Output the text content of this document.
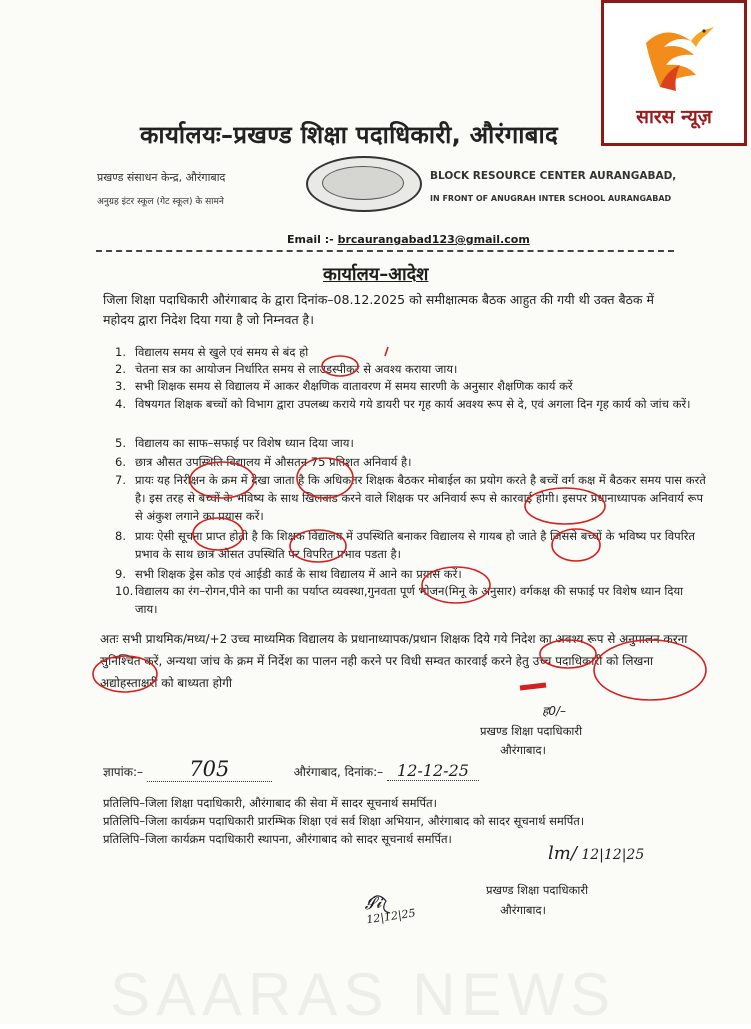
सारस न्यूज़
कार्यालयः–प्रखण्ड शिक्षा पदाधिकारी, औरंगाबाद
प्रखण्ड संसाधन केन्द्र, औरंगाबाद
अनुग्रह इंटर स्कूल (गेट स्कूल) के सामने
BLOCK RESOURCE CENTER AURANGABAD,
IN FRONT OF ANUGRAH INTER SCHOOL AURANGABAD
Email :- brcaurangabad123@gmail.com
कार्यालय–आदेश
जिला शिक्षा पदाधिकारी औरंगाबाद के द्वारा दिनांक–08.12.2025 को समीक्षात्मक बैठक आहुत की गयी थी उक्त बैठक में महोदय द्वारा निदेश दिया गया है जो निम्नवत है।
1. विद्यालय समय से खुले एवं समय से बंद हो
2. चेतना सत्र का आयोजन निर्धारित समय से लाउडस्पीकर से अवश्य कराया जाय।
3. सभी शिक्षक समय से विद्यालय में आकर शैक्षणिक वातावरण में समय सारणी के अनुसार शैक्षणिक कार्य करें
4. विषयगत शिक्षक बच्चों को विभाग द्वारा उपलब्ध कराये गये डायरी पर गृह कार्य अवश्य रूप से दे, एवं अगला दिन गृह कार्य को जांच करें।
5. विद्यालय का साफ–सफाई पर विशेष ध्यान दिया जाय।
6. छात्र औसत उपस्थिति विद्यालय में औसतन 75 प्रतिशत अनिवार्य है।
7. प्रायः यह निरीक्षन के क्रम में देखा जाता है कि अधिकतर शिक्षक बैठकर मोबाईल का प्रयोग करते है बच्चें वर्ग कक्ष में बैठकर समय पास करते है। इस तरह से बच्चों के भविष्य के साथ खिलवाड करने वाले शिक्षक पर अनिवार्य रूप से कारवाई होगी। इसपर प्रधानाध्यापक अनिवार्य रूप से अंकुश लगाने का प्रयास करें।
8. प्रायः ऐसी सूचना प्राप्त होती है कि शिक्षक विद्यालय में उपस्थिति बनाकर विद्यालय से गायब हो जाते है जिससे बच्चों के भविष्य पर विपरित प्रभाव के साथ छात्र औसत उपस्थिति पर विपरित प्रभाव पडता है।
9. सभी शिक्षक ड्रेस कोड एवं आईडी कार्ड के साथ विद्यालय में आने का प्रयास करें।
10. विद्यालय का रंग–रोगन,पीने का पानी का पर्याप्त व्यवस्था,गुनवता पूर्ण भोजन(मिनू के अनुसार) वर्गकक्ष की सफाई पर विशेष ध्यान दिया जाय।
अतः सभी प्राथमिक/मध्य/+2 उच्च माध्यमिक विद्यालय के प्रधानाध्यापक/प्रधान शिक्षक दिये गये निदेश का अवश्य रूप से अनुपालन करना सुनिश्चित करें, अन्यथा जांच के क्रम में निर्देश का पालन नही करने पर विधी सम्वत कारवाई करने हेतु उच्च पदाधिकारी को लिखना अद्योहस्ताक्षरी को बाध्यता होगी
ह0/–
प्रखण्ड शिक्षा पदाधिकारी
औरंगाबाद।
ज्ञापांक:– 705	औरंगाबाद, दिनांक:– 12-12-25
प्रतिलिपि–जिला शिक्षा पदाधिकारी, औरंगाबाद की सेवा में सादर सूचनार्थ समर्पित।
प्रतिलिपि–जिला कार्यक्रम पदाधिकारी प्रारम्भिक शिक्षा एवं सर्व शिक्षा अभियान, औरंगाबाद को सादर सूचनार्थ समर्पित।
प्रतिलिपि–जिला कार्यक्रम पदाधिकारी स्थापना, औरंगाबाद को सादर सूचनार्थ समर्पित।
lm/ 12|12|25
प्रखण्ड शिक्षा पदाधिकारी
औरंगाबाद।
𝓢𝓲
12|12|25
SAARAS NEWS
